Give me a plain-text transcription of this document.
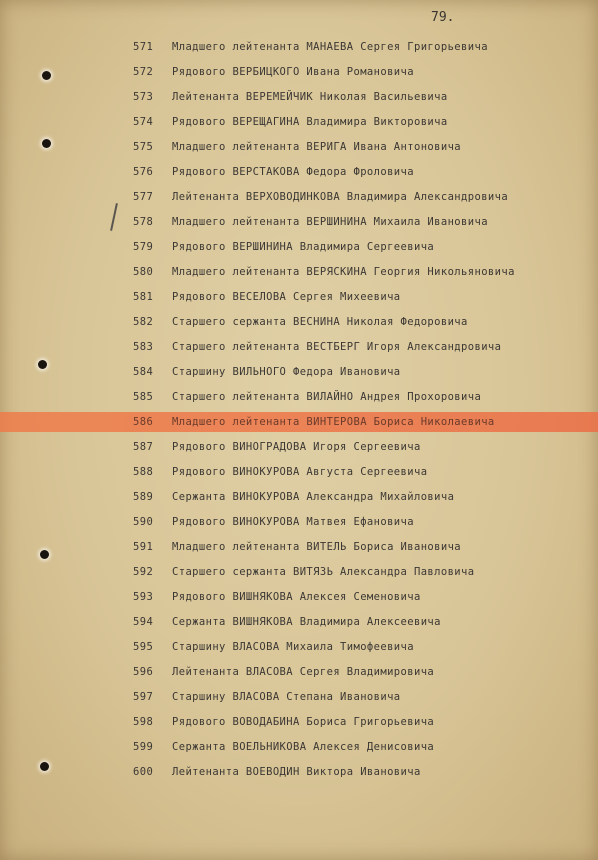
79.
571	Младшего лейтенанта МАНАЕВА Сергея Григорьевича
572	Рядового ВЕРБИЦКОГО Ивана Романовича
573	Лейтенанта ВЕРЕМЕЙЧИК Николая Васильевича
574	Рядового ВЕРЕЩАГИНА Владимира Викторовича
575	Младшего лейтенанта ВЕРИГА Ивана Антоновича
576	Рядового ВЕРСТАКОВА Федора Фроловича
577	Лейтенанта ВЕРХОВОДИНКОВА Владимира Александровича
578	Младшего лейтенанта ВЕРШИНИНА Михаила Ивановича
579	Рядового ВЕРШИНИНА Владимира Сергеевича
580	Младшего лейтенанта ВЕРЯСКИНА Георгия Никольяновича
581	Рядового ВЕСЕЛОВА Сергея Михеевича
582	Старшего сержанта ВЕСНИНА Николая Федоровича
583	Старшего лейтенанта ВЕСТБЕРГ Игоря Александровича
584	Старшину ВИЛЬНОГО Федора Ивановича
585	Старшего лейтенанта ВИЛАЙНО Андрея Прохоровича
586	Младшего лейтенанта ВИНТЕРОВА Бориса Николаевича
587	Рядового ВИНОГРАДОВА Игоря Сергеевича
588	Рядового ВИНОКУРОВА Августа Сергеевича
589	Сержанта ВИНОКУРОВА Александра Михайловича
590	Рядового ВИНОКУРОВА Матвея Ефановича
591	Младшего лейтенанта ВИТЕЛЬ Бориса Ивановича
592	Старшего сержанта ВИТЯЗЬ Александра Павловича
593	Рядового ВИШНЯКОВА Алексея Семеновича
594	Сержанта ВИШНЯКОВА Владимира Алексеевича
595	Старшину ВЛАСОВА Михаила Тимофеевича
596	Лейтенанта ВЛАСОВА Сергея Владимировича
597	Старшину ВЛАСОВА Степана Ивановича
598	Рядового ВОВОДАБИНА Бориса Григорьевича
599	Сержанта ВОЕЛЬНИКОВА Алексея Денисовича
600	Лейтенанта ВОЕВОДИН Виктора Ивановича
